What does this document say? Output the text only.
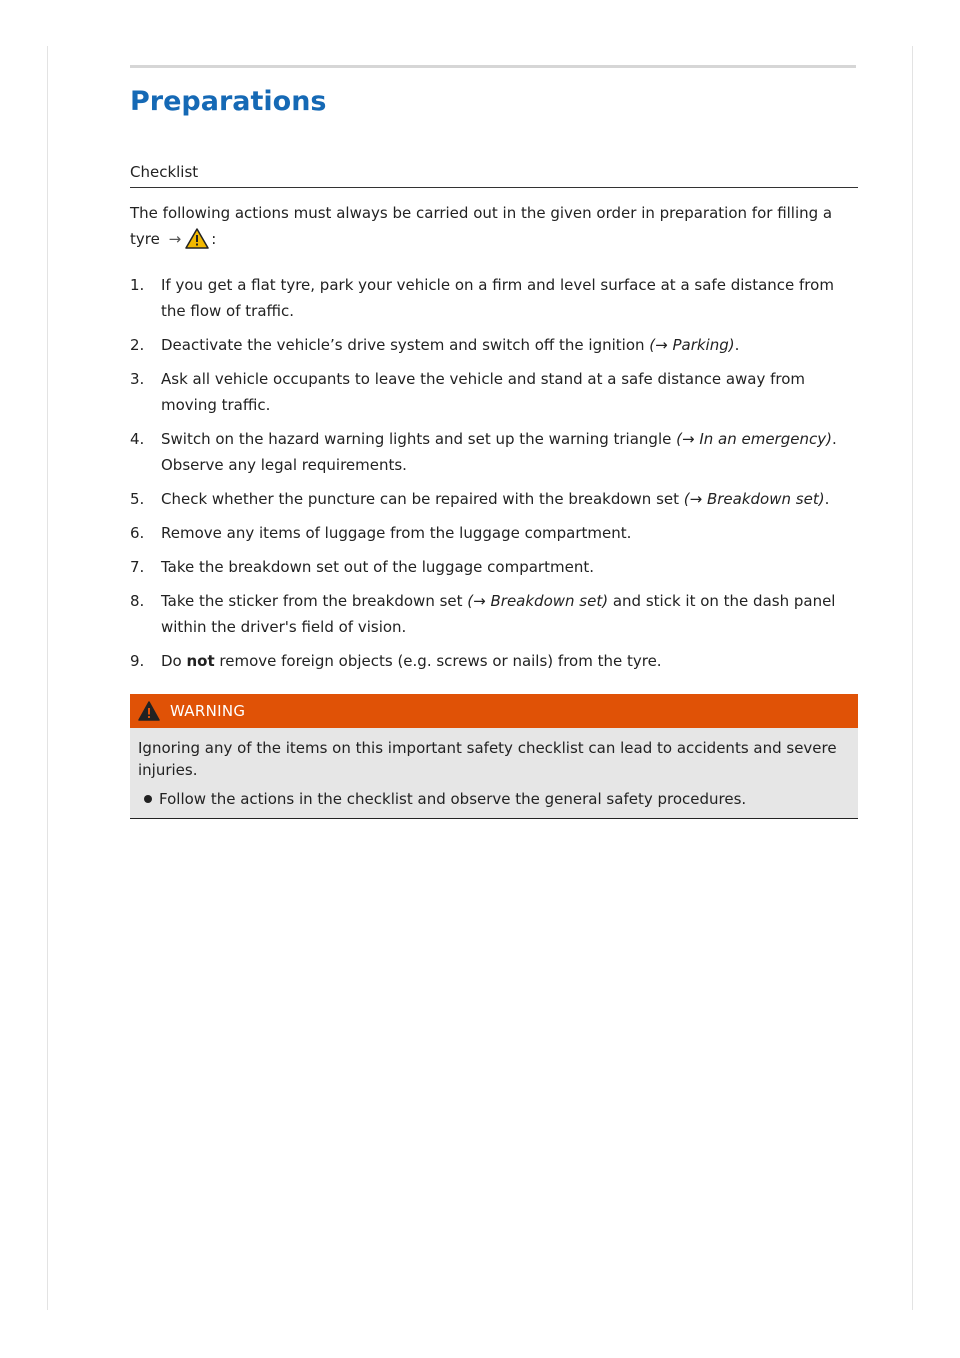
Preparations
Checklist
The following actions must always be carried out in the given order in preparation for filling a tyre → :
1. If you get a flat tyre, park your vehicle on a firm and level surface at a safe distance from the flow of traffic.
2. Deactivate the vehicle’s drive system and switch off the ignition (→ Parking).
3. Ask all vehicle occupants to leave the vehicle and stand at a safe distance away from moving traffic.
4. Switch on the hazard warning lights and set up the warning triangle (→ In an emergency). Observe any legal requirements.
5. Check whether the puncture can be repaired with the breakdown set (→ Breakdown set).
6. Remove any items of luggage from the luggage compartment.
7. Take the breakdown set out of the luggage compartment.
8. Take the sticker from the breakdown set (→ Breakdown set) and stick it on the dash panel within the driver's field of vision.
9. Do not remove foreign objects (e.g. screws or nails) from the tyre.
WARNING
Ignoring any of the items on this important safety checklist can lead to accidents and severe injuries.
Follow the actions in the checklist and observe the general safety procedures.
